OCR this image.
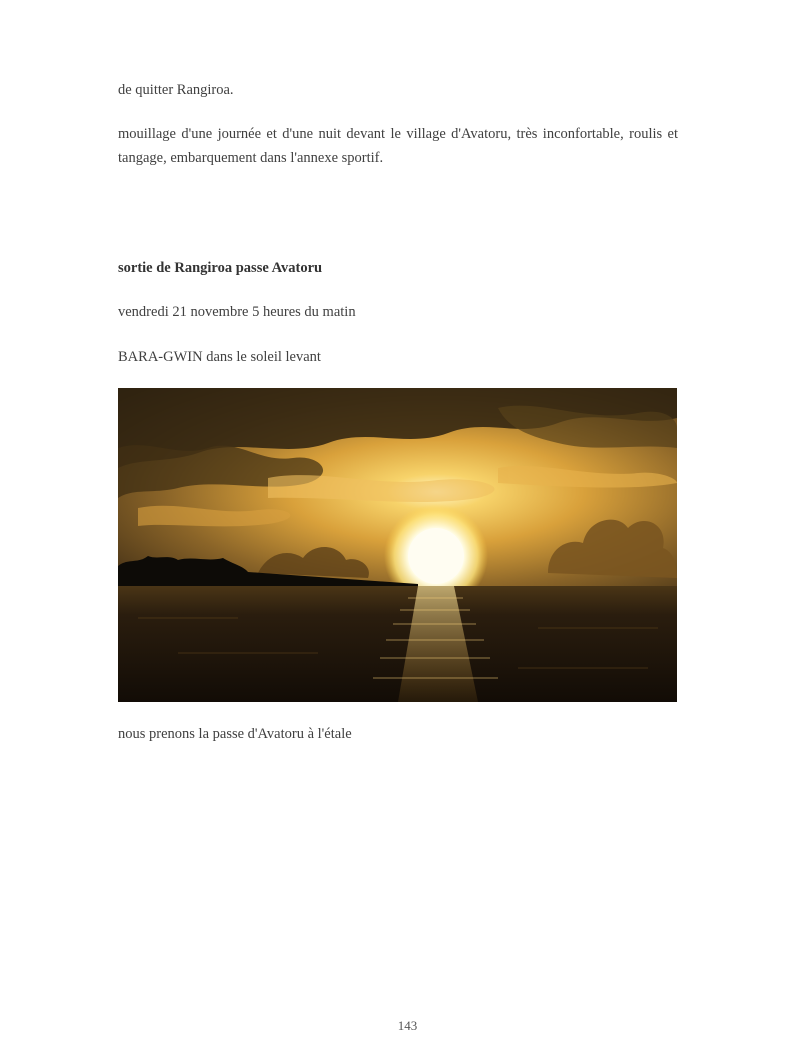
de quitter Rangiroa.
mouillage d'une journée et d'une nuit devant le village d'Avatoru, très inconfortable, roulis et tangage, embarquement dans l'annexe sportif.
sortie de Rangiroa passe Avatoru
vendredi 21 novembre 5 heures du matin
BARA-GWIN dans le soleil levant
nous prenons la passe d'Avatoru à l'étale
143
